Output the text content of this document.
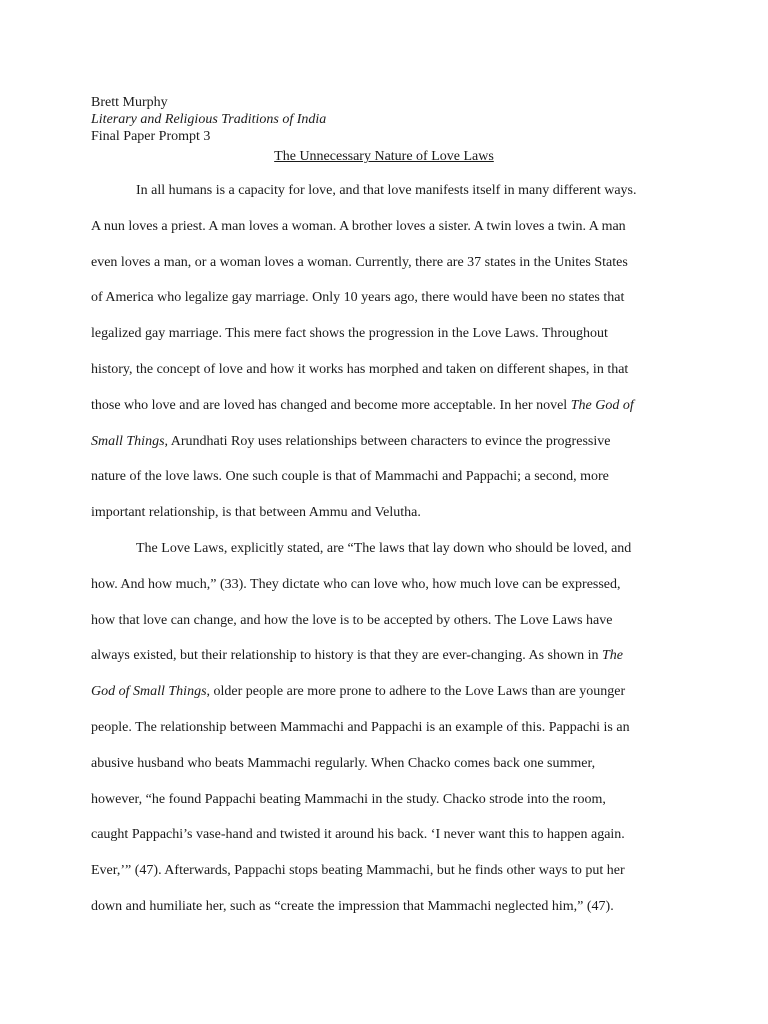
Brett Murphy
Literary and Religious Traditions of India
Final Paper Prompt 3
The Unnecessary Nature of Love Laws
In all humans is a capacity for love, and that love manifests itself in many different ways.
A nun loves a priest. A man loves a woman. A brother loves a sister. A twin loves a twin. A man
even loves a man, or a woman loves a woman. Currently, there are 37 states in the Unites States
of America who legalize gay marriage. Only 10 years ago, there would have been no states that
legalized gay marriage. This mere fact shows the progression in the Love Laws. Throughout
history, the concept of love and how it works has morphed and taken on different shapes, in that
those who love and are loved has changed and become more acceptable. In her novel The God of
Small Things, Arundhati Roy uses relationships between characters to evince the progressive
nature of the love laws. One such couple is that of Mammachi and Pappachi; a second, more
important relationship, is that between Ammu and Velutha.
The Love Laws, explicitly stated, are “The laws that lay down who should be loved, and
how. And how much,” (33). They dictate who can love who, how much love can be expressed,
how that love can change, and how the love is to be accepted by others. The Love Laws have
always existed, but their relationship to history is that they are ever-changing. As shown in The
God of Small Things, older people are more prone to adhere to the Love Laws than are younger
people. The relationship between Mammachi and Pappachi is an example of this. Pappachi is an
abusive husband who beats Mammachi regularly. When Chacko comes back one summer,
however, “he found Pappachi beating Mammachi in the study. Chacko strode into the room,
caught Pappachi’s vase-hand and twisted it around his back. ‘I never want this to happen again.
Ever,’” (47). Afterwards, Pappachi stops beating Mammachi, but he finds other ways to put her
down and humiliate her, such as “create the impression that Mammachi neglected him,” (47).
